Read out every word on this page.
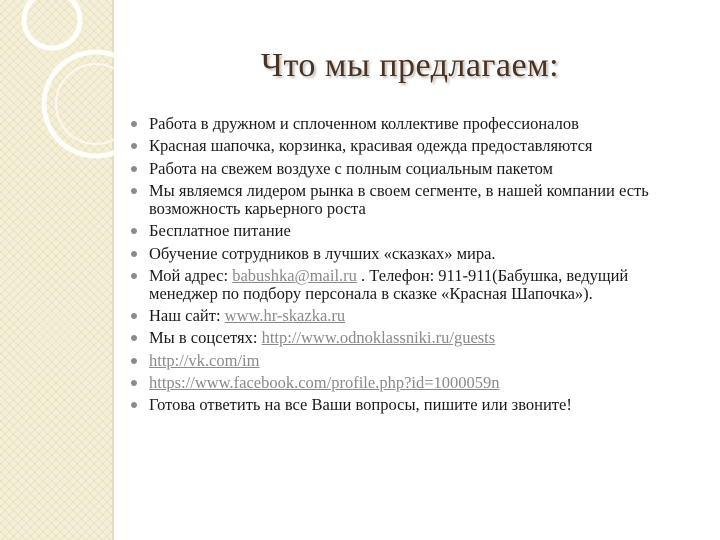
Что мы предлагаем:
Работа в дружном и сплоченном коллективе профессионалов
Красная шапочка, корзинка, красивая одежда предоставляются
Работа на свежем воздухе с полным социальным пакетом
Мы являемся лидером рынка в своем сегменте, в нашей компании есть возможность карьерного роста
Бесплатное питание
Обучение сотрудников в лучших «сказках» мира.
Мой адрес: babushka@mail.ru . Телефон: 911-911(Бабушка, ведущий менеджер по подбору персонала в сказке «Красная Шапочка»).
Наш сайт: www.hr-skazka.ru
Мы в соцсетях: http://www.odnoklassniki.ru/guests
http://vk.com/im
https://www.facebook.com/profile.php?id=1000059n
Готова ответить на все Ваши вопросы, пишите или звоните!
